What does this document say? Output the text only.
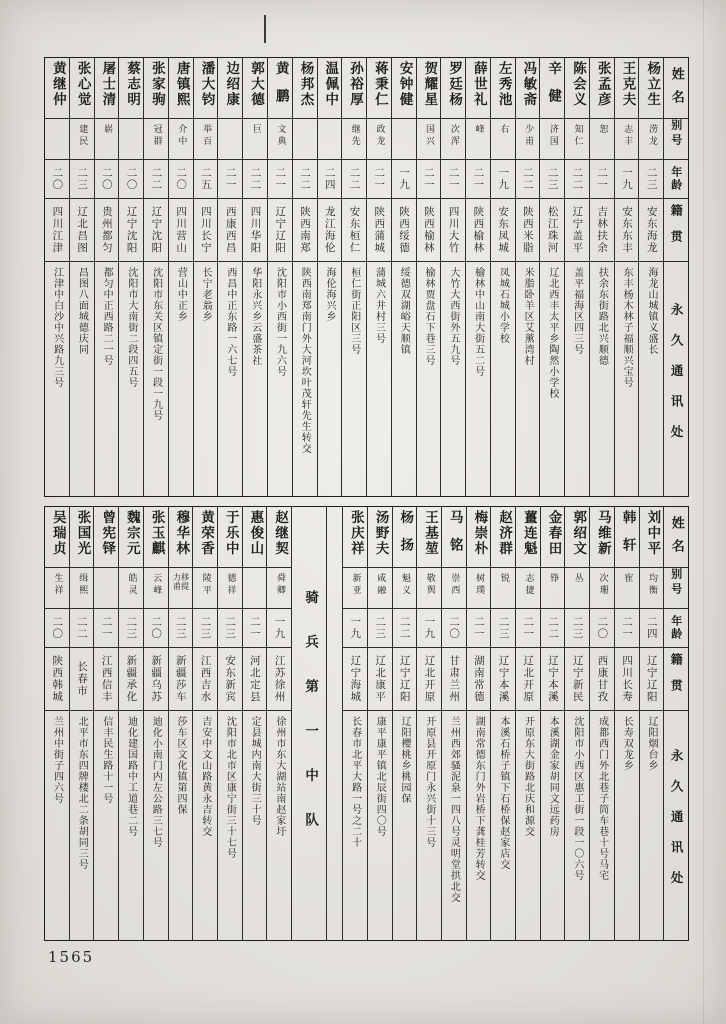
姓名
别号
年龄
籍贯
永久通讯处
杨立生
涝龙
二三
安东海龙
海龙山城镇义盛长
王克夫
志丰
一九
安东东丰
东丰杨木林子福顺兴宝号
张孟彦
恕
二一
吉林扶余
扶余东街路北兴顺德
陈会义
知仁
二二
辽宁盖平
盖平福海区四三号
辛健
济国
二三
松江珠河
辽北西丰太平乡陶然小学校
冯敏斋
少甫
二二
陕西米脂
米脂卧羊区艾薰湾村
左秀池
右
一九
安东凤城
凤城石城小学校
薛世礼
峰
二一
陕西榆林
榆林中山南大街五二号
罗廷杨
次浑
二一
四川大竹
大竹大西街外五九号
贺耀星
国兴
二一
陕西榆林
榆林贾盘石下巷三号
安钟健
一九
陕西绥德
绥德双湖峪天顺镇
蒋秉仁
政龙
二一
陕西蒲城
蒲城六井村三号
孙裕厚
继先
二二
安东桓仁
桓仁街正阳区三号
温佩中
二四
龙江海伦
海伦海兴乡
杨邦杰
二二
陕西南郑
陕西南郑南门外大河坎叶茂轩先生转交
黄鹏
文典
二一
辽宁辽阳
沈阳市小西街一九六号
郭大德
巨
二二
四川华阳
华阳永兴乡云盛茶社
边绍康
二一
西康西昌
西昌中正东路一六七号
潘大钧
举百
二五
四川长宁
长宁老翁乡
唐镇熙
介中
二〇
四川营山
营山中正乡
张家驹
冠群
二二
辽宁沈阳
沈阳市东关区镇定街一段一九号
蔡志明
二〇
辽宁沈阳
沈阳市大南街二段四五号
屠士清
崭
二〇
贵州都匀
都匀中正西路二一号
张心觉
建民
二三
辽北昌图
昌图八面城德庆同
黄继仲
二〇
四川江津
江津中白沙中兴路九三号
姓名
别号
年龄
籍贯
永久通讯处
刘中平
均衡
二四
辽宁辽阳
辽阳烟台乡
韩轩
寉
二一
四川长寿
长寿双龙乡
马维新
次珊
二〇
西康甘孜
成都西门外北巷子筒车巷十号马宅
郭绍文
丛
二三
辽宁新民
沈阳市小西区惠工街一段一〇六号
金春田
铮
二二
辽宁本溪
本溪湖金家胡同文远药房
薑连魁
志捷
二一
辽北开原
开原东大街路北庆和源交
赵济群
锐
二三
辽宁本溪
本溪石桥子镇下石桥保赵家店交
梅崇朴
树璞
二一
湖南常德
湖南常德东门外岩桥下龚桂芳转交
马铭
崇西
二〇
甘肃兰州
兰州西郊骚泥泉一四八号灵明堂拱北交
王基堃
敬舆
一九
辽北开原
开原县开原门永兴街十三号
杨扬
魁义
二二
辽宁辽阳
辽阳樱桃乡桃园保
汤野夫
咸融
二三
辽北康平
康平康平镇北辰街四〇号
张庆祥
新亚
一九
辽宁海城
长春市北平大路一号之二十
骑兵第一中队
赵继契
舜卿
一九
江苏徐州
徐州市东大湖站南赵家圩
惠俊山
二一
河北定县
定县城内南大街三十号
于乐中
德祥
二三
安东新宾
沈阳市北市区康宁街三十七号
黄荣香
陵平
二三
江西吉水
吉安中文山路黄永吉转交
穆华林
移提
力甫
二三
新疆莎车
莎车区文化镇第四保
张玉麒
云峰
二〇
新疆乌苏
迪化小南门内左公路三七号
魏宗元
皓灵
二三
新疆承化
迪化建国路中工道巷二号
曾宪铎
二一
江西信丰
信丰民生路十一号
张国光
缉熙
二二
长春市
北平市东四牌楼北二条胡同三号
吴瑞贞
生祥
二〇
陕西韩城
兰州中街子四六号
1565
